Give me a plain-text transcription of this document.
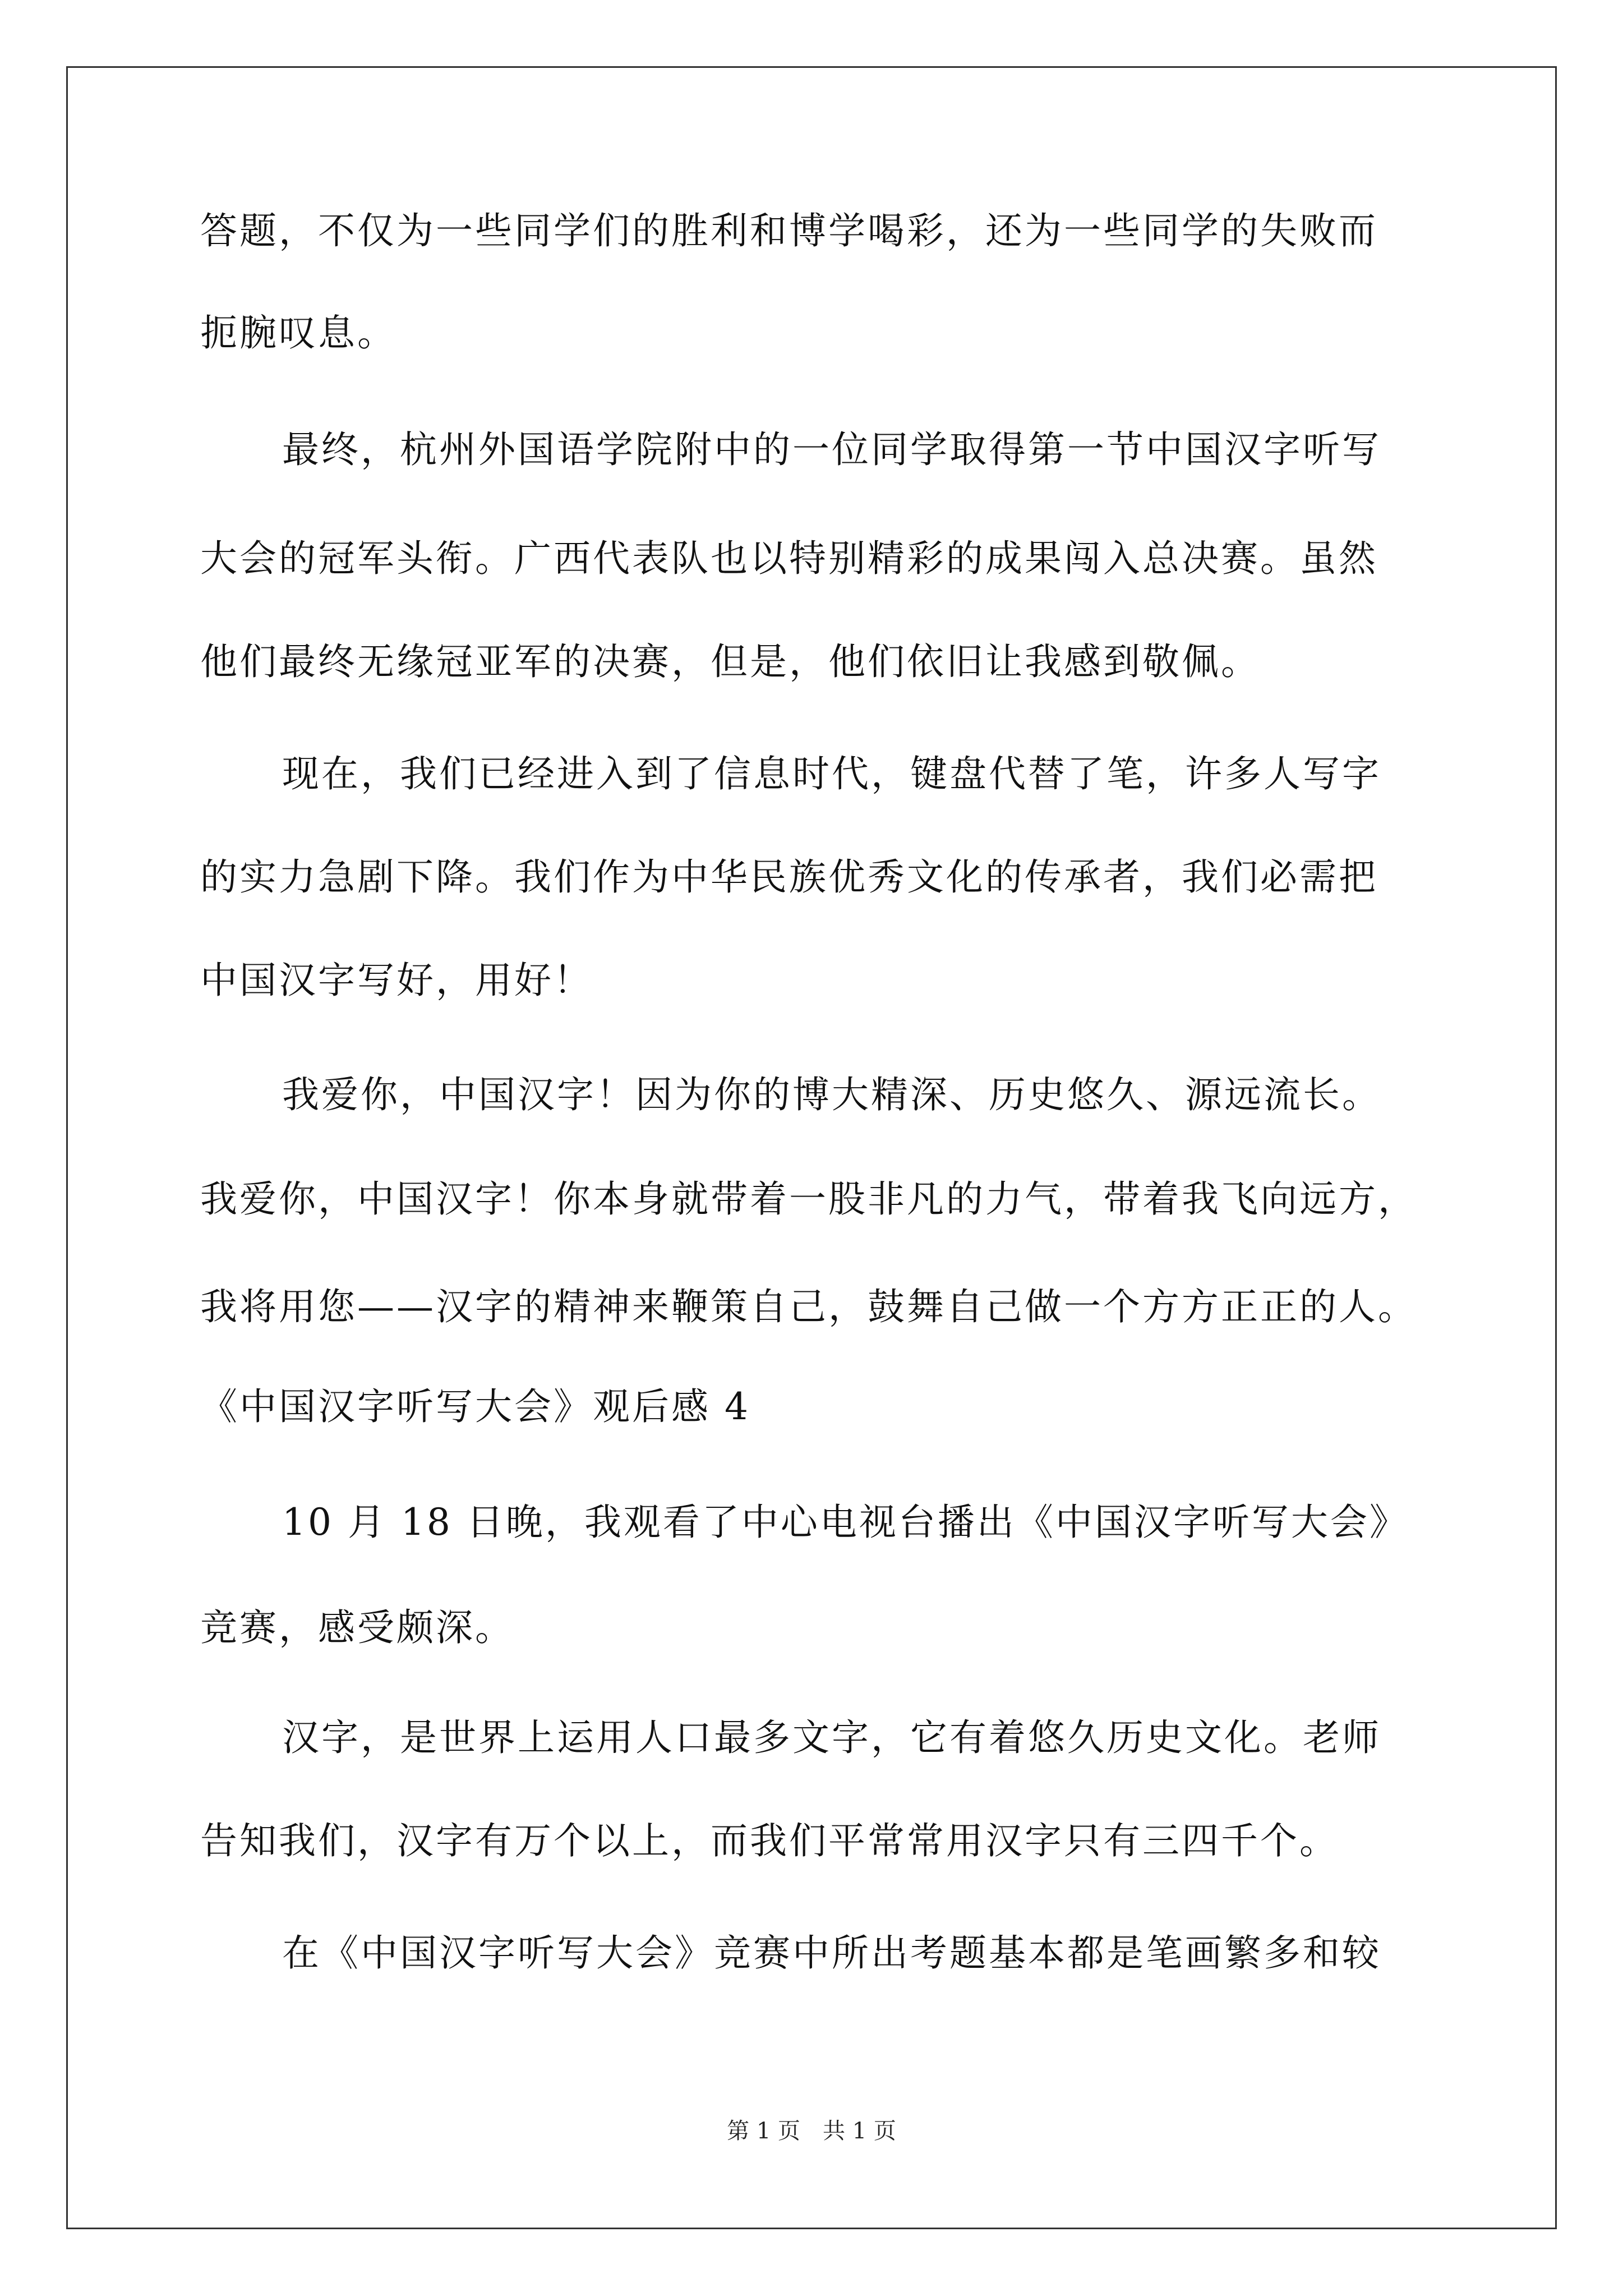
答题，不仅为一些同学们的胜利和博学喝彩，还为一些同学的失败而
扼腕叹息。
最终，杭州外国语学院附中的一位同学取得第一节中国汉字听写
大会的冠军头衔。广西代表队也以特别精彩的成果闯入总决赛。虽然
他们最终无缘冠亚军的决赛，但是，他们依旧让我感到敬佩。
现在，我们已经进入到了信息时代，键盘代替了笔，许多人写字
的实力急剧下降。我们作为中华民族优秀文化的传承者，我们必需把
中国汉字写好，用好！
我爱你，中国汉字！因为你的博大精深、历史悠久、源远流长。
我爱你，中国汉字！你本身就带着一股非凡的力气，带着我飞向远方，
我将用您——汉字的精神来鞭策自己，鼓舞自己做一个方方正正的人。
《中国汉字听写大会》观后感 4
10 月 18 日晚，我观看了中心电视台播出《中国汉字听写大会》
竞赛，感受颇深。
汉字，是世界上运用人口最多文字，它有着悠久历史文化。老师
告知我们，汉字有万个以上，而我们平常常用汉字只有三四千个。
在《中国汉字听写大会》竞赛中所出考题基本都是笔画繁多和较
第 1 页　共 1 页
